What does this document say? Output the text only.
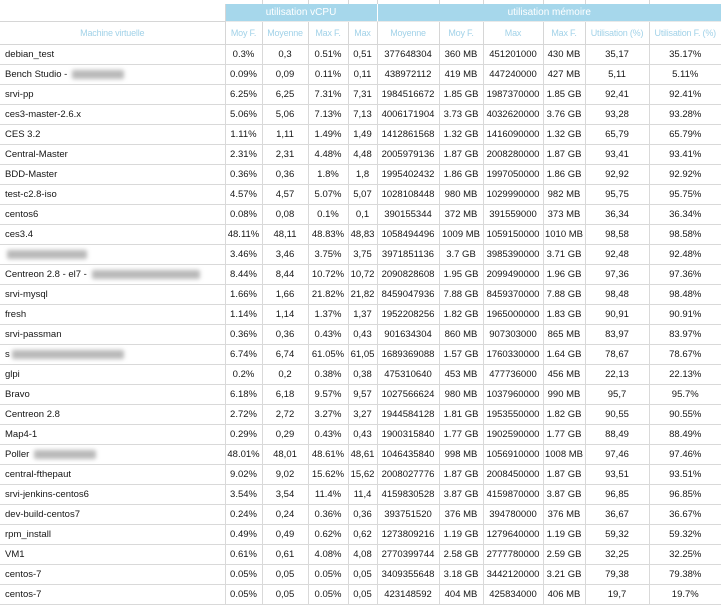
	utilisation vCPU				utilisation mémoire					
Machine virtuelle	Moy F.	Moyenne	Max F.	Max	Moyenne	Moy F.	Max	Max F.	Utilisation (%)	Utilisation F. (%)
debian_test	0.3%	0,3	0.51%	0,51	377648304	360 MB	451201000	430 MB	35,17	35.17%
Bench Studio -	0.09%	0,09	0.11%	0,11	438972112	419 MB	447240000	427 MB	5,11	5.11%
srvi-pp	6.25%	6,25	7.31%	7,31	1984516672	1.85 GB	1987370000	1.85 GB	92,41	92.41%
ces3-master-2.6.x	5.06%	5,06	7.13%	7,13	4006171904	3.73 GB	4032620000	3.76 GB	93,28	93.28%
CES 3.2	1.11%	1,11	1.49%	1,49	1412861568	1.32 GB	1416090000	1.32 GB	65,79	65.79%
Central-Master	2.31%	2,31	4.48%	4,48	2005979136	1.87 GB	2008280000	1.87 GB	93,41	93.41%
BDD-Master	0.36%	0,36	1.8%	1,8	1995402432	1.86 GB	1997050000	1.86 GB	92,92	92.92%
test-c2.8-iso	4.57%	4,57	5.07%	5,07	1028108448	980 MB	1029990000	982 MB	95,75	95.75%
centos6	0.08%	0,08	0.1%	0,1	390155344	372 MB	391559000	373 MB	36,34	36.34%
ces3.4	48.11%	48,11	48.83%	48,83	1058494496	1009 MB	1059150000	1010 MB	98,58	98.58%
	3.46%	3,46	3.75%	3,75	3971851136	3.7 GB	3985390000	3.71 GB	92,48	92.48%
Centreon 2.8 - el7 -	8.44%	8,44	10.72%	10,72	2090828608	1.95 GB	2099490000	1.96 GB	97,36	97.36%
srvi-mysql	1.66%	1,66	21.82%	21,82	8459047936	7.88 GB	8459370000	7.88 GB	98,48	98.48%
fresh	1.14%	1,14	1.37%	1,37	1952208256	1.82 GB	1965000000	1.83 GB	90,91	90.91%
srvi-passman	0.36%	0,36	0.43%	0,43	901634304	860 MB	907303000	865 MB	83,97	83.97%
s	6.74%	6,74	61.05%	61,05	1689369088	1.57 GB	1760330000	1.64 GB	78,67	78.67%
glpi	0.2%	0,2	0.38%	0,38	475310640	453 MB	477736000	456 MB	22,13	22.13%
Bravo	6.18%	6,18	9.57%	9,57	1027566624	980 MB	1037960000	990 MB	95,7	95.7%
Centreon 2.8	2.72%	2,72	3.27%	3,27	1944584128	1.81 GB	1953550000	1.82 GB	90,55	90.55%
Map4-1	0.29%	0,29	0.43%	0,43	1900315840	1.77 GB	1902590000	1.77 GB	88,49	88.49%
Poller	48.01%	48,01	48.61%	48,61	1046435840	998 MB	1056910000	1008 MB	97,46	97.46%
central-fthepaut	9.02%	9,02	15.62%	15,62	2008027776	1.87 GB	2008450000	1.87 GB	93,51	93.51%
srvi-jenkins-centos6	3.54%	3,54	11.4%	11,4	4159830528	3.87 GB	4159870000	3.87 GB	96,85	96.85%
dev-build-centos7	0.24%	0,24	0.36%	0,36	393751520	376 MB	394780000	376 MB	36,67	36.67%
rpm_install	0.49%	0,49	0.62%	0,62	1273809216	1.19 GB	1279640000	1.19 GB	59,32	59.32%
VM1	0.61%	0,61	4.08%	4,08	2770399744	2.58 GB	2777780000	2.59 GB	32,25	32.25%
centos-7	0.05%	0,05	0.05%	0,05	3409355648	3.18 GB	3442120000	3.21 GB	79,38	79.38%
centos-7	0.05%	0,05	0.05%	0,05	423148592	404 MB	425834000	406 MB	19,7	19.7%
